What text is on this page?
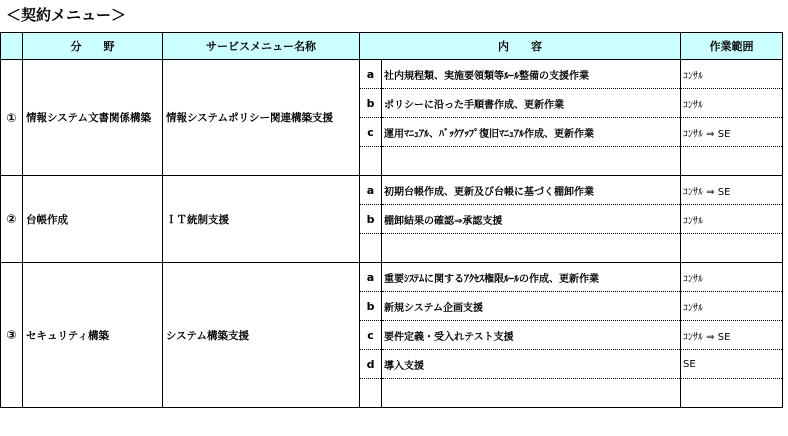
＜契約メニュー＞
	分　　野	サービスメニュー名称	内　　容		作業範囲
①	情報システム文書関係構築	情報システムポリシー関連構築支援	a	社内規程類、実施要領類等ﾙｰﾙ整備の支援作業	ｺﾝｻﾙ
			b	ポリシーに沿った手順書作成、更新作業	ｺﾝｻﾙ
			c	運用ﾏﾆｭｱﾙ、ﾊﾞｯｸｱｯﾌﾟ復旧ﾏﾆｭｱﾙ作成、更新作業	ｺﾝｻﾙ ⇒ SE

②	台帳作成	ＩＴ統制支援	a	初期台帳作成、更新及び台帳に基づく棚卸作業	ｺﾝｻﾙ ⇒ SE
			b	棚卸結果の確認⇒承認支援	ｺﾝｻﾙ

③	セキュリティ構築	システム構築支援	a	重要ｼｽﾃﾑに関するｱｸｾｽ権限ﾙｰﾙの作成、更新作業	ｺﾝｻﾙ
			b	新規システム企画支援	ｺﾝｻﾙ
			c	要件定義・受入れテスト支援	ｺﾝｻﾙ ⇒ SE
			d	導入支援	SE
